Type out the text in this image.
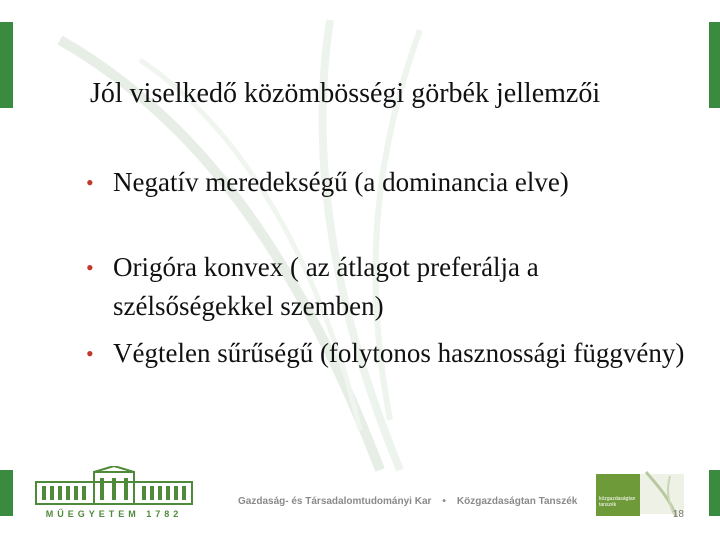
Jól viselkedő közömbösségi görbék jellemzői
• Negatív meredekségű (a dominancia elve)
• Origóra konvex ( az átlagot preferálja a szélsőségekkel szemben)
• Végtelen sűrűségű (folytonos hasznossági függvény)
MŰEGYETEM 1782
Gazdaság- és Társadalomtudományi Kar • Közgazdaságtan Tanszék	közgazdaságtan tanszék
18
